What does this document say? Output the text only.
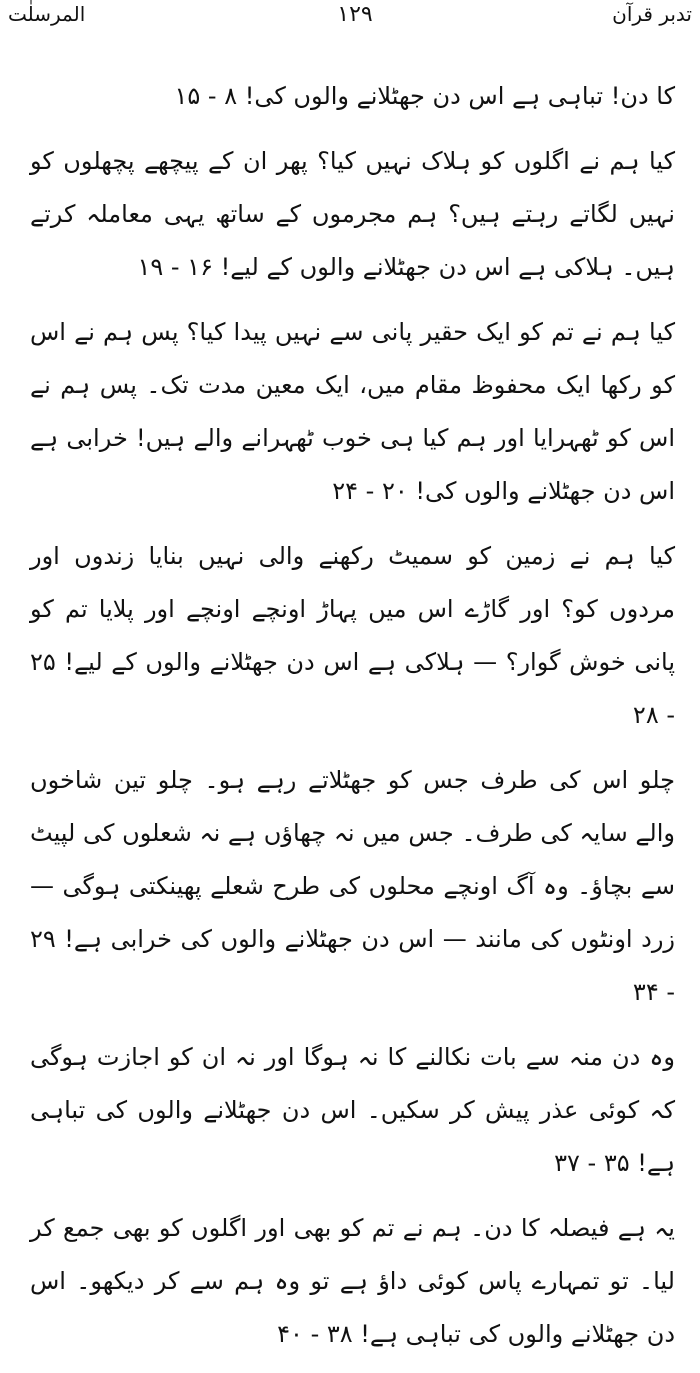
تدبر قرآن
١٢٩
المرسلٰت

کا دن! تباہی ہے اس دن جھٹلانے والوں کی! ۸ - ۱۵

کیا ہم نے اگلوں کو ہلاک نہیں کیا؟ پھر ان کے پیچھے پچھلوں کو نہیں لگاتے رہتے ہیں؟ ہم مجرموں کے ساتھ یہی معاملہ کرتے ہیں۔ ہلاکی ہے اس دن جھٹلانے والوں کے لیے! ۱۶ - ۱۹

کیا ہم نے تم کو ایک حقیر پانی سے نہیں پیدا کیا؟ پس ہم نے اس کو رکھا ایک محفوظ مقام میں، ایک معین مدت تک۔ پس ہم نے اس کو ٹھہرایا اور ہم کیا ہی خوب ٹھہرانے والے ہیں! خرابی ہے اس دن جھٹلانے والوں کی! ۲۰ - ۲۴

کیا ہم نے زمین کو سمیٹ رکھنے والی نہیں بنایا زندوں اور مردوں کو؟ اور گاڑے اس میں پہاڑ اونچے اونچے اور پلایا تم کو پانی خوش گوار؟ — ہلاکی ہے اس دن جھٹلانے والوں کے لیے! ۲۵ - ۲۸

چلو اس کی طرف جس کو جھٹلاتے رہے ہو۔ چلو تین شاخوں والے سایہ کی طرف۔ جس میں نہ چھاؤں ہے نہ شعلوں کی لپیٹ سے بچاؤ۔ وہ آگ اونچے محلوں کی طرح شعلے پھینکتی ہوگی — زرد اونٹوں کی مانند — اس دن جھٹلانے والوں کی خرابی ہے! ۲۹ - ۳۴

وہ دن منہ سے بات نکالنے کا نہ ہوگا اور نہ ان کو اجازت ہوگی کہ کوئی عذر پیش کر سکیں۔ اس دن جھٹلانے والوں کی تباہی ہے! ۳۵ - ۳۷

یہ ہے فیصلہ کا دن۔ ہم نے تم کو بھی اور اگلوں کو بھی جمع کر لیا۔ تو تمہارے پاس کوئی داؤ ہے تو وہ ہم سے کر دیکھو۔ اس دن جھٹلانے والوں کی تباہی ہے! ۳۸ - ۴۰
